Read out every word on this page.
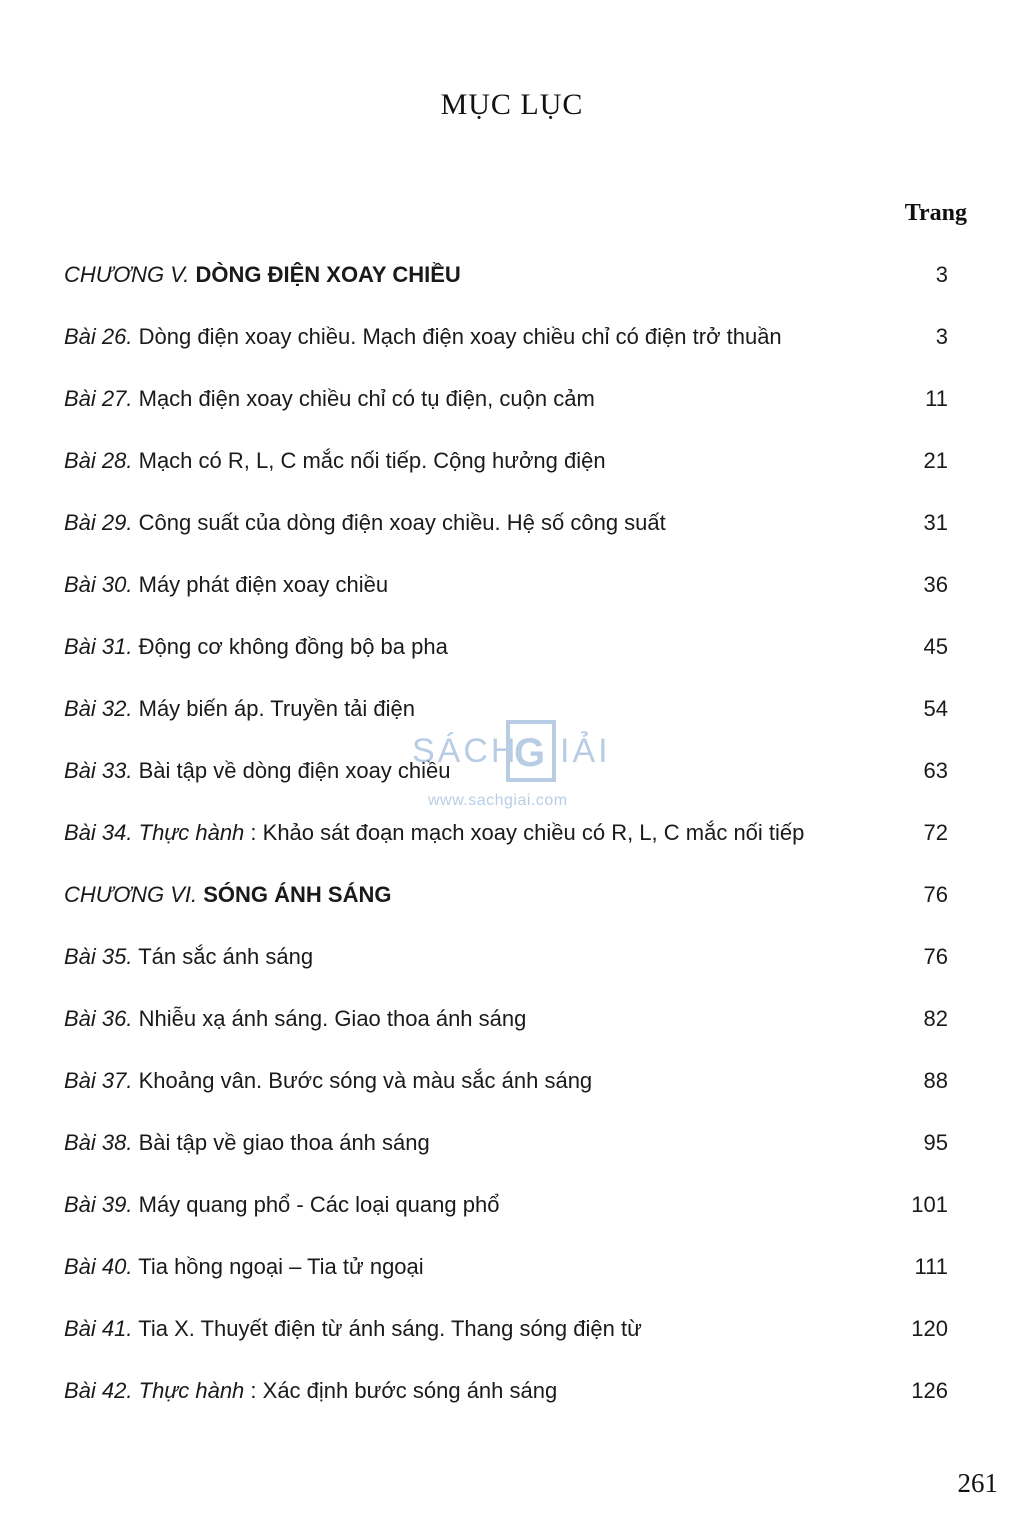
MỤC LỤC
Trang
CHƯƠNG V. DÒNG ĐIỆN XOAY CHIỀU	3
Bài 26. Dòng điện xoay chiều. Mạch điện xoay chiều chỉ có điện trở thuần	3
Bài 27. Mạch điện xoay chiều chỉ có tụ điện, cuộn cảm	11
Bài 28. Mạch có R, L, C mắc nối tiếp. Cộng hưởng điện	21
Bài 29. Công suất của dòng điện xoay chiều. Hệ số công suất	31
Bài 30. Máy phát điện xoay chiều	36
Bài 31. Động cơ không đồng bộ ba pha	45
Bài 32. Máy biến áp. Truyền tải điện	54
Bài 33. Bài tập về dòng điện xoay chiều	63
Bài 34. Thực hành : Khảo sát đoạn mạch xoay chiều có R, L, C mắc nối tiếp	72
CHƯƠNG VI. SÓNG ÁNH SÁNG	76
Bài 35. Tán sắc ánh sáng	76
Bài 36. Nhiễu xạ ánh sáng. Giao thoa ánh sáng	82
Bài 37. Khoảng vân. Bước sóng và màu sắc ánh sáng	88
Bài 38. Bài tập về giao thoa ánh sáng	95
Bài 39. Máy quang phổ - Các loại quang phổ	101
Bài 40. Tia hồng ngoại – Tia tử ngoại	111
Bài 41. Tia X. Thuyết điện từ ánh sáng. Thang sóng điện từ	120
Bài 42. Thực hành : Xác định bước sóng ánh sáng	126
SÁCH
G IẢI
www.sachgiai.com
261
